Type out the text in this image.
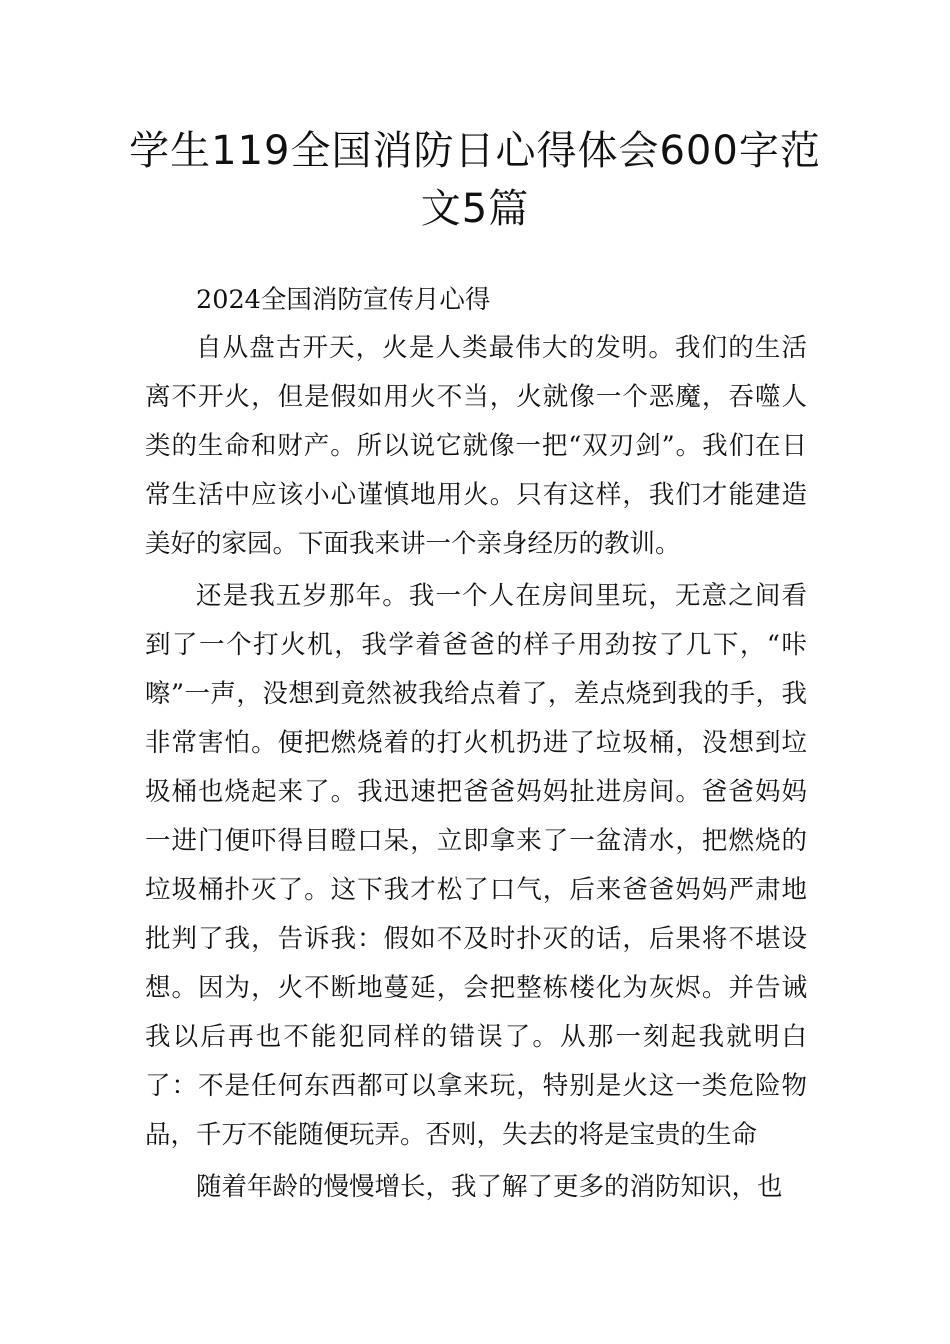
学生119全国消防日心得体会600字范
文5篇

2024全国消防宣传月心得

自从盘古开天，火是人类最伟大的发明。我们的生活离不开火，但是假如用火不当，火就像一个恶魔，吞噬人类的生命和财产。所以说它就像一把“双刃剑”。我们在日常生活中应该小心谨慎地用火。只有这样，我们才能建造美好的家园。下面我来讲一个亲身经历的教训。

还是我五岁那年。我一个人在房间里玩，无意之间看到了一个打火机，我学着爸爸的样子用劲按了几下，“咔嚓”一声，没想到竟然被我给点着了，差点烧到我的手，我非常害怕。便把燃烧着的打火机扔进了垃圾桶，没想到垃圾桶也烧起来了。我迅速把爸爸妈妈扯进房间。爸爸妈妈一进门便吓得目瞪口呆，立即拿来了一盆清水，把燃烧的垃圾桶扑灭了。这下我才松了口气，后来爸爸妈妈严肃地批判了我，告诉我：假如不及时扑灭的话，后果将不堪设想。因为，火不断地蔓延，会把整栋楼化为灰烬。并告诫我以后再也不能犯同样的错误了。从那一刻起我就明白了：不是任何东西都可以拿来玩，特别是火这一类危险物品，千万不能随便玩弄。否则，失去的将是宝贵的生命

随着年龄的慢慢增长，我了解了更多的消防知识，也
